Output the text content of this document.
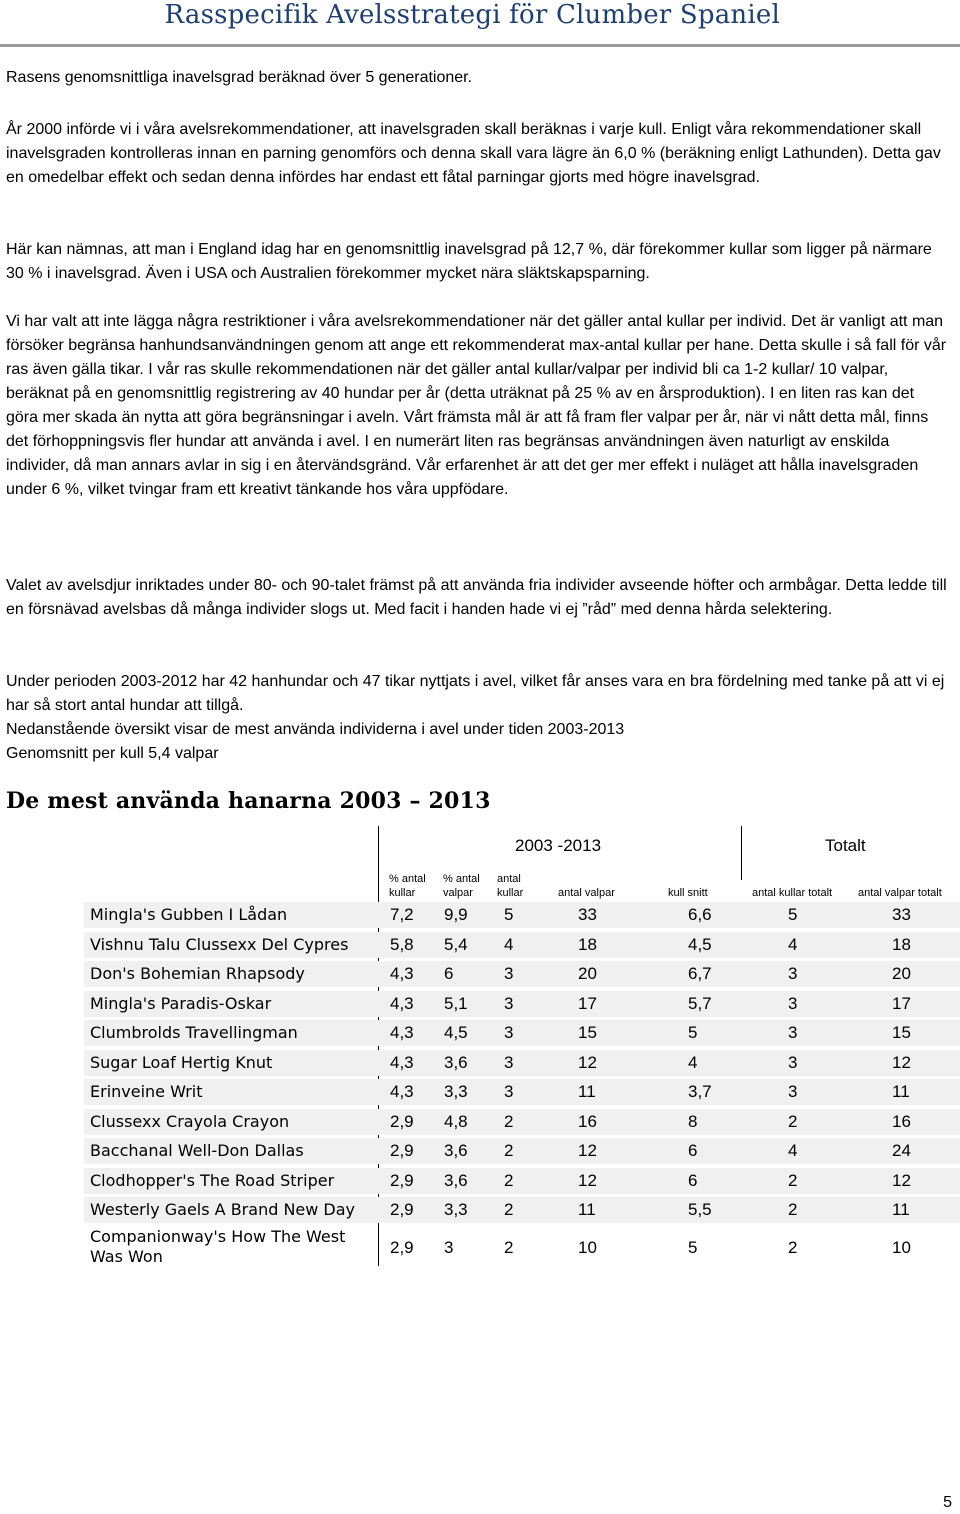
Rasspecifik Avelsstrategi för Clumber Spaniel

Rasens genomsnittliga inavelsgrad beräknad över 5 generationer.

År 2000 införde vi i våra avelsrekommendationer, att inavelsgraden skall beräknas i varje kull. Enligt våra rekommendationer skall inavelsgraden kontrolleras innan en parning genomförs och denna skall vara lägre än 6,0 % (beräkning enligt Lathunden). Detta gav en omedelbar effekt och sedan denna infördes har endast ett fåtal parningar gjorts med högre inavelsgrad.

Här kan nämnas, att man i England idag har en genomsnittlig inavelsgrad på 12,7 %, där förekommer kullar som ligger på närmare 30 % i inavelsgrad. Även i USA och Australien förekommer mycket nära släktskapsparning.

Vi har valt att inte lägga några restriktioner i våra avelsrekommendationer när det gäller antal kullar per individ. Det är vanligt att man försöker begränsa hanhundsanvändningen genom att ange ett rekommenderat max-antal kullar per hane. Detta skulle i så fall för vår ras även gälla tikar. I vår ras skulle rekommendationen när det gäller antal kullar/valpar per individ bli ca 1-2 kullar/ 10 valpar, beräknat på en genomsnittlig registrering av 40 hundar per år (detta uträknat på 25 % av en årsproduktion). I en liten ras kan det göra mer skada än nytta att göra begränsningar i aveln. Vårt främsta mål är att få fram fler valpar per år, när vi nått detta mål, finns det förhoppningsvis fler hundar att använda i avel. I en numerärt liten ras begränsas användningen även naturligt av enskilda individer, då man annars avlar in sig i en återvändsgränd. Vår erfarenhet är att det ger mer effekt i nuläget att hålla inavelsgraden under 6 %, vilket tvingar fram ett kreativt tänkande hos våra uppfödare.

Valet av avelsdjur inriktades under 80- och 90-talet främst på att använda fria individer avseende höfter och armbågar. Detta ledde till en försnävad avelsbas då många individer slogs ut. Med facit i handen hade vi ej ”råd” med denna hårda selektering.

Under perioden 2003-2012 har 42 hanhundar och 47 tikar nyttjats i avel, vilket får anses vara en bra fördelning med tanke på att vi ej har så stort antal hundar att tillgå.

Nedanstående översikt visar de mest använda individerna i avel under tiden 2003-2013

Genomsnitt per kull 5,4 valpar

De mest använda hanarna 2003 – 2013
2003 -2013	Totalt
% antal kullar
% antal valpar
antal kullar	antal valpar	kull snitt	antal kullar totalt	antal valpar totalt
Mingla's Gubben I Lådan	7,2 9,9 5	33	6,6	5	33
Vishnu Talu Clussexx Del Cypres 5,8 5,4 4	18	4,5	4	18
Don's Bohemian Rhapsody	4,3 6	3	20	6,7	3	20
Mingla's Paradis-Oskar	4,3 5,1 3	17	5,7	3	17
Clumbrolds Travellingman	4,3 4,5 3	15	5	3	15
Sugar Loaf Hertig Knut	4,3 3,6 3	12	4	3	12
Erinveine Writ	4,3 3,3 3	11	3,7	3	11
Clussexx Crayola Crayon	2,9 4,8 2	16	8	2	16
Bacchanal Well-Don Dallas	2,9 3,6 2	12	6	4	24
Clodhopper's The Road Striper	2,9 3,6 2	12	6	2	12
Westerly Gaels A Brand New Day 2,9 3,3 2	11	5,5	2	11
Companionway's How The West Was Won	2,9 3	2	10	5	2	10
5
